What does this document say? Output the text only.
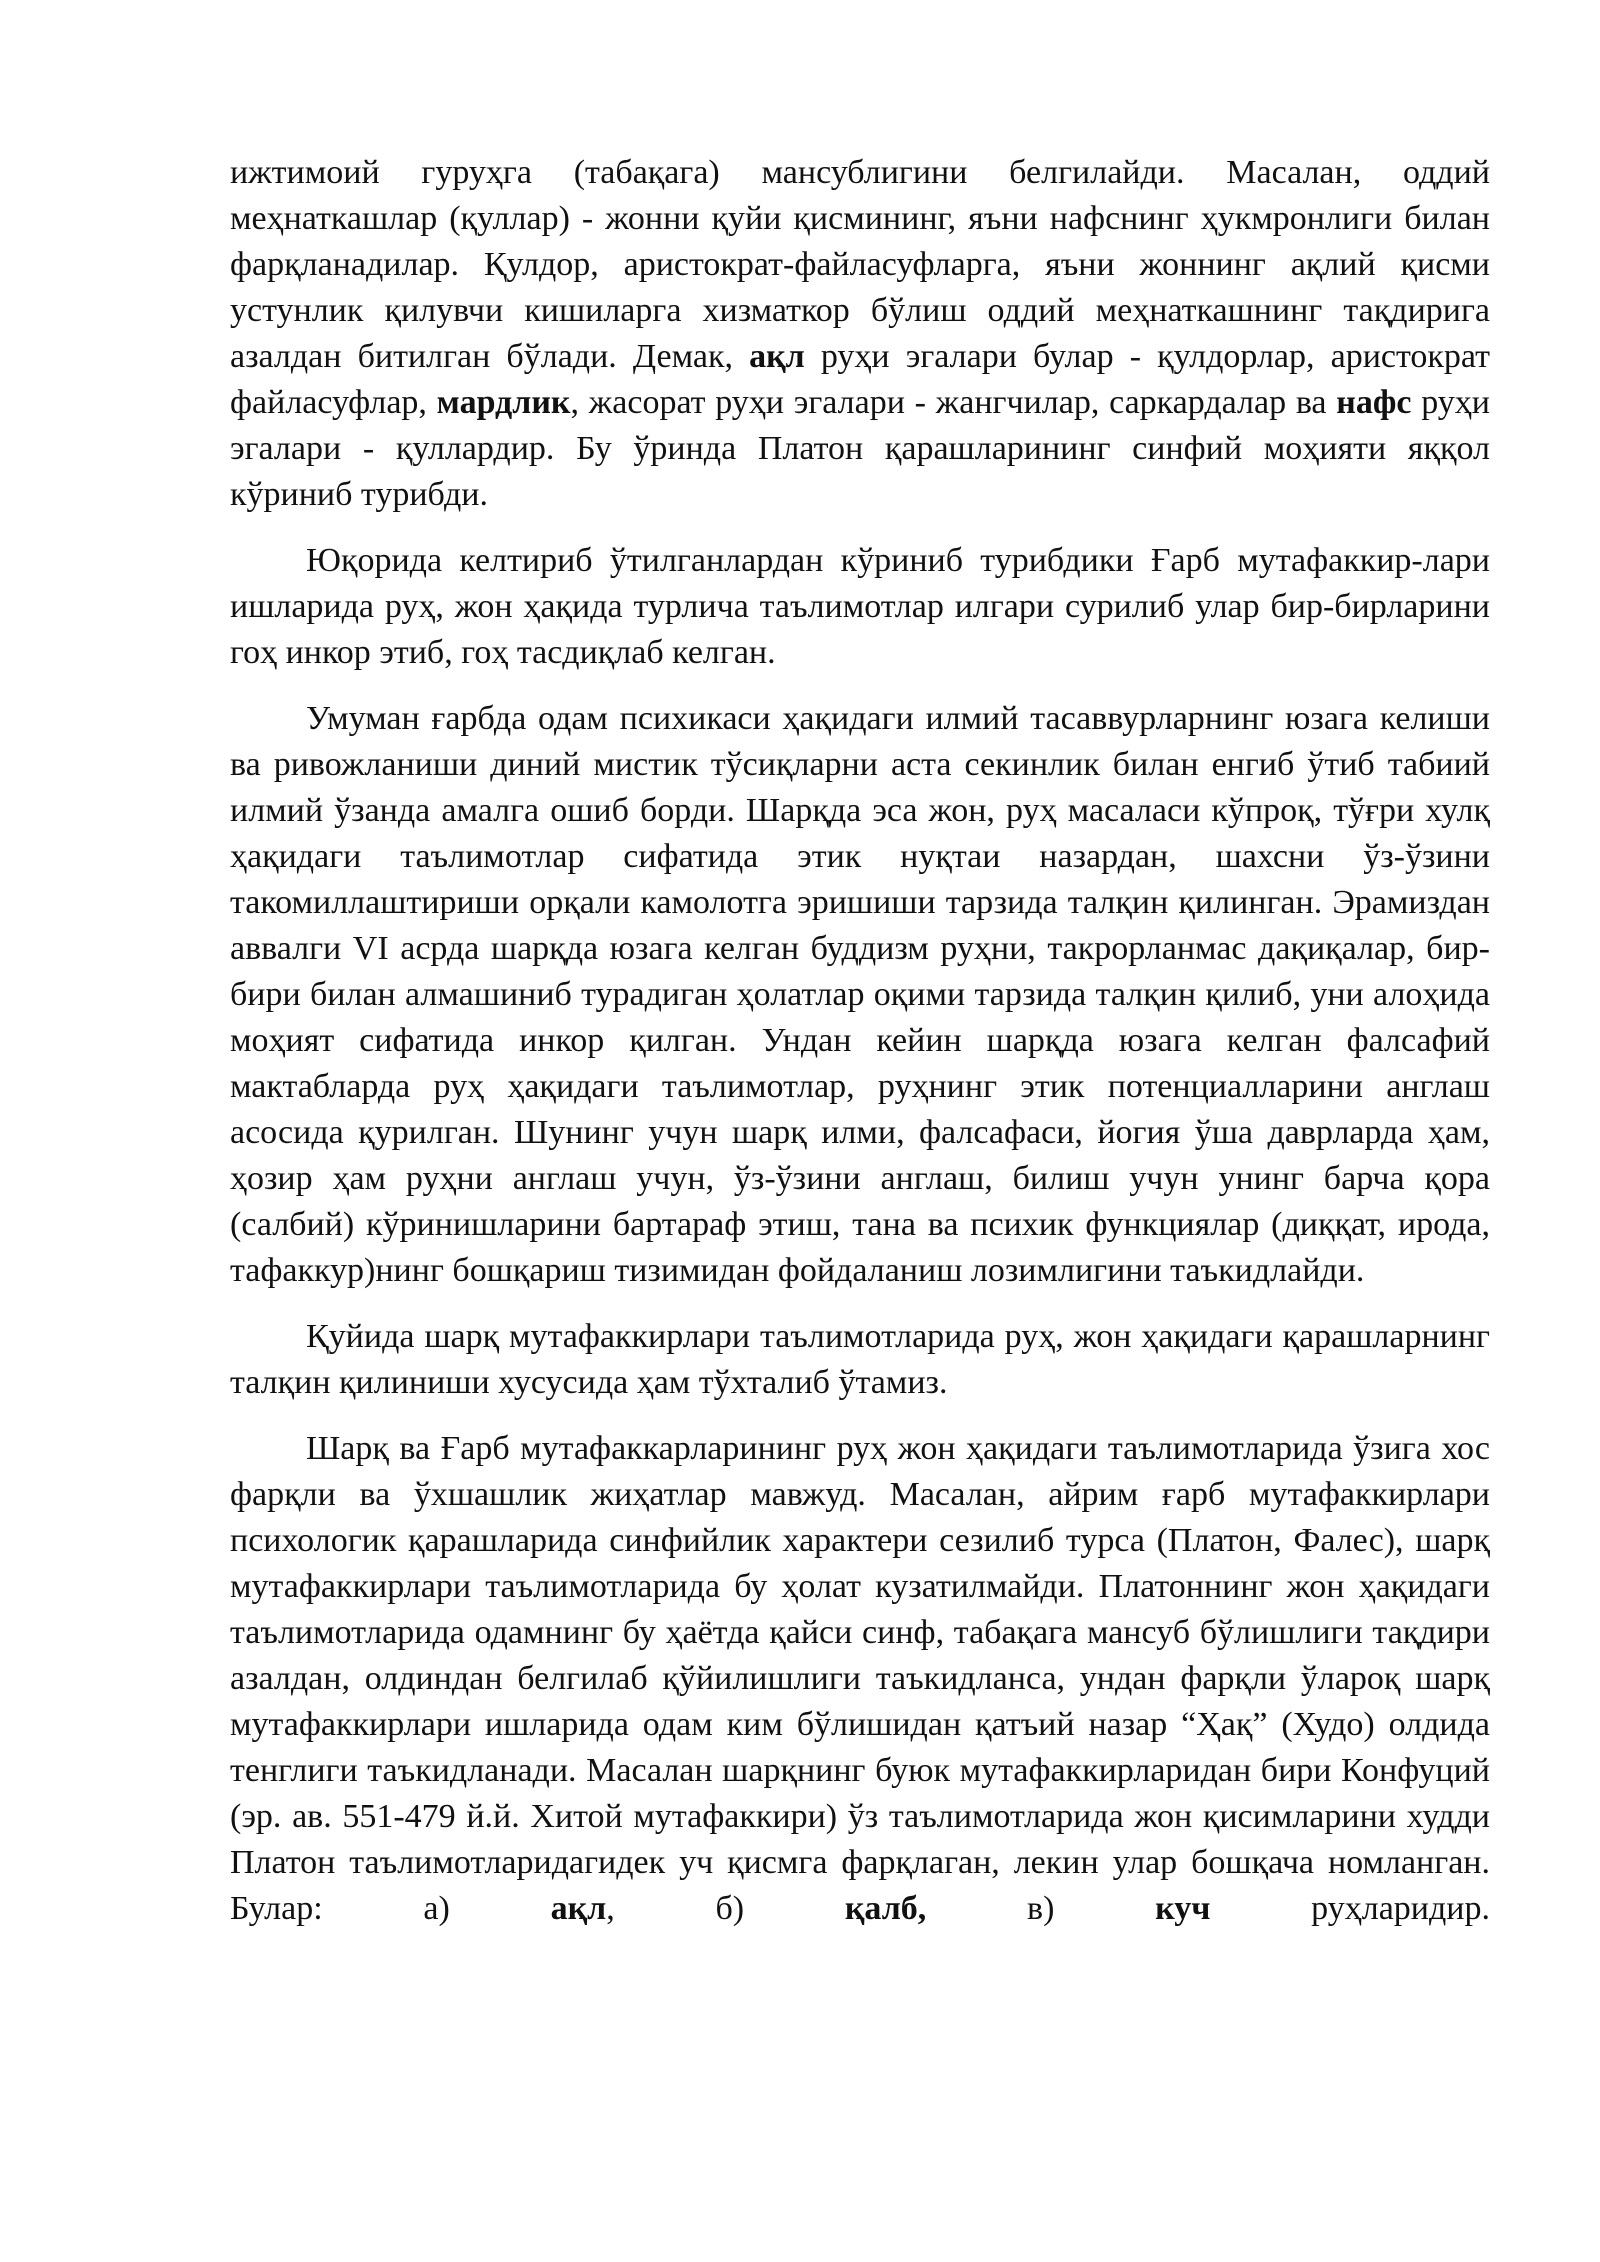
ижтимоий гуруҳга (табақага) мансублигини белгилайди. Масалан, оддий меҳнаткашлар (қуллар) - жонни қуйи қисмининг, яъни нафснинг ҳукмронлиги билан фарқланадилар. Қулдор, аристократ-файласуфларга, яъни жоннинг ақлий қисми устунлик қилувчи кишиларга хизматкор бўлиш оддий меҳнаткашнинг тақдирига азалдан битилган бўлади. Демак, ақл руҳи эгалари булар - қулдорлар, аристократ файласуфлар, мардлик, жасорат руҳи эгалари - жангчилар, саркардалар ва нафс руҳи эгалари - қуллардир. Бу ўринда Платон қарашларининг синфий моҳияти яққол кўриниб турибди.

Юқорида келтириб ўтилганлардан кўриниб турибдики Ғарб мутафаккир-лари ишларида руҳ, жон ҳақида турлича таълимотлар илгари сурилиб улар бир-бирларини гоҳ инкор этиб, гоҳ тасдиқлаб келган.

Умуман ғарбда одам психикаси ҳақидаги илмий тасаввурларнинг юзага келиши ва ривожланиши диний мистик тўсиқларни аста секинлик билан енгиб ўтиб табиий илмий ўзанда амалга ошиб борди. Шарқда эса жон, руҳ масаласи кўпроқ, тўғри хулқ ҳақидаги таълимотлар сифатида этик нуқтаи назардан, шахсни ўз-ўзини такомиллаштириши орқали камолотга эришиши тарзида талқин қилинган. Эрамиздан аввалги VI асрда шарқда юзага келган буддизм руҳни, такрорланмас дақиқалар, бир-бири билан алмашиниб турадиган ҳолатлар оқими тарзида талқин қилиб, уни алоҳида моҳият сифатида инкор қилган. Ундан кейин шарқда юзага келган фалсафий мактабларда руҳ ҳақидаги таълимотлар, руҳнинг этик потенциалларини англаш асосида қурилган. Шунинг учун шарқ илми, фалсафаси, йогия ўша даврларда ҳам, ҳозир ҳам руҳни англаш учун, ўз-ўзини англаш, билиш учун унинг барча қора (салбий) кўринишларини бартараф этиш, тана ва психик функциялар (диққат, ирода, тафаккур)нинг бошқариш тизимидан фойдаланиш лозимлигини таъкидлайди.

Қуйида шарқ мутафаккирлари таълимотларида руҳ, жон ҳақидаги қарашларнинг талқин қилиниши хусусида ҳам тўхталиб ўтамиз.

Шарқ ва Ғарб мутафаккарларининг руҳ жон ҳақидаги таълимотларида ўзига хос фарқли ва ўхшашлик жиҳатлар мавжуд. Масалан, айрим ғарб мутафаккирлари психологик қарашларида синфийлик характери сезилиб турса (Платон, Фалес), шарқ мутафаккирлари таълимотларида бу ҳолат кузатилмайди. Платоннинг жон ҳақидаги таълимотларида одамнинг бу ҳаётда қайси синф, табақага мансуб бўлишлиги тақдири азалдан, олдиндан белгилаб қўйилишлиги таъкидланса, ундан фарқли ўлароқ шарқ мутафаккирлари ишларида одам ким бўлишидан қатъий назар “Ҳақ” (Худо) олдида тенглиги таъкидланади. Масалан шарқнинг буюк мутафаккирларидан бири Конфуций (эр. ав. 551-479 й.й. Хитой мутафаккири) ўз таълимотларида жон қисимларини худди Платон таълимотларидагидек уч қисмга фарқлаган, лекин улар бошқача номланган. Булар: а) ақл, б) қалб, в) куч руҳларидир.
